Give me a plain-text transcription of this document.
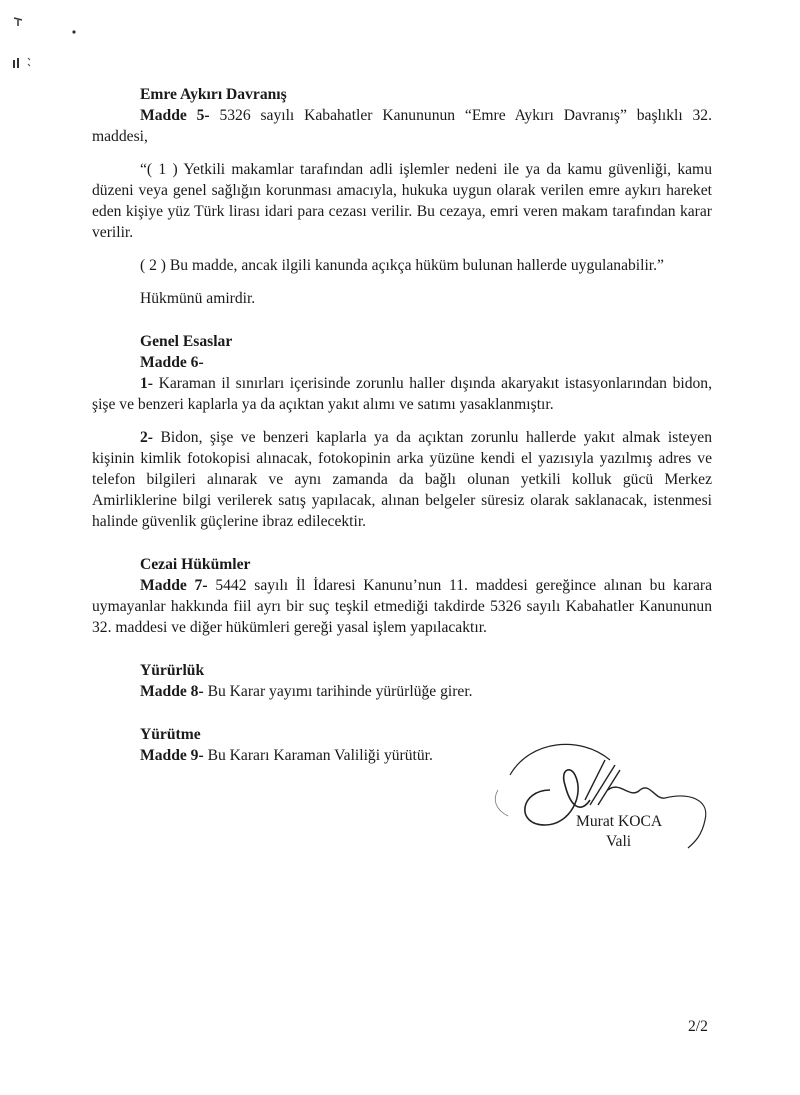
Emre Aykırı Davranış

Madde 5- 5326 sayılı Kabahatler Kanununun “Emre Aykırı Davranış” başlıklı 32. maddesi,

“( 1 ) Yetkili makamlar tarafından adli işlemler nedeni ile ya da kamu güvenliği, kamu düzeni veya genel sağlığın korunması amacıyla, hukuka uygun olarak verilen emre aykırı hareket eden kişiye yüz Türk lirası idari para cezası verilir. Bu cezaya, emri veren makam tarafından karar verilir.

( 2 ) Bu madde, ancak ilgili kanunda açıkça hüküm bulunan hallerde uygulanabilir.”

Hükmünü amirdir.

Genel Esaslar
Madde 6-

1- Karaman il sınırları içerisinde zorunlu haller dışında akaryakıt istasyonlarından bidon, şişe ve benzeri kaplarla ya da açıktan yakıt alımı ve satımı yasaklanmıştır.

2- Bidon, şişe ve benzeri kaplarla ya da açıktan zorunlu hallerde yakıt almak isteyen kişinin kimlik fotokopisi alınacak, fotokopinin arka yüzüne kendi el yazısıyla yazılmış adres ve telefon bilgileri alınarak ve aynı zamanda da bağlı olunan yetkili kolluk gücü Merkez Amirliklerine bilgi verilerek satış yapılacak, alınan belgeler süresiz olarak saklanacak, istenmesi halinde güvenlik güçlerine ibraz edilecektir.

Cezai Hükümler

Madde 7- 5442 sayılı İl İdaresi Kanunu’nun 11. maddesi gereğince alınan bu karara uymayanlar hakkında fiil ayrı bir suç teşkil etmediği takdirde 5326 sayılı Kabahatler Kanununun 32. maddesi ve diğer hükümleri gereği yasal işlem yapılacaktır.

Yürürlük

Madde 8- Bu Karar yayımı tarihinde yürürlüğe girer.

Yürütme

Madde 9- Bu Kararı Karaman Valiliği yürütür.

Murat KOCA
Vali
2/2
